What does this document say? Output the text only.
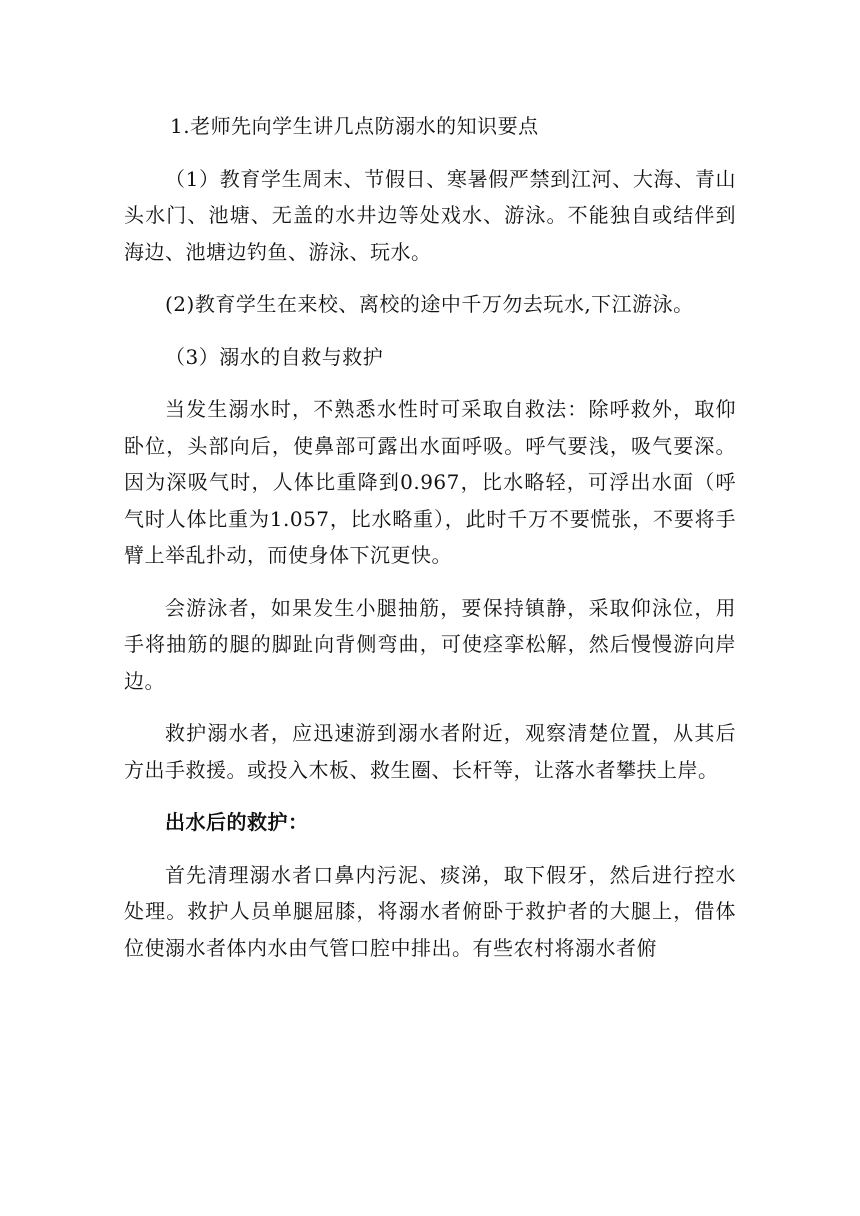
1.老师先向学生讲几点防溺水的知识要点

（1）教育学生周末、节假日、寒暑假严禁到江河、大海、青山头水门、池塘、无盖的水井边等处戏水、游泳。不能独自或结伴到海边、池塘边钓鱼、游泳、玩水。

(2)教育学生在来校、离校的途中千万勿去玩水,下江游泳。

（3）溺水的自救与救护

当发生溺水时，不熟悉水性时可采取自救法：除呼救外，取仰卧位，头部向后，使鼻部可露出水面呼吸。呼气要浅，吸气要深。因为深吸气时，人体比重降到0.967，比水略轻，可浮出水面（呼气时人体比重为1.057，比水略重），此时千万不要慌张，不要将手臂上举乱扑动，而使身体下沉更快。

会游泳者，如果发生小腿抽筋，要保持镇静，采取仰泳位，用手将抽筋的腿的脚趾向背侧弯曲，可使痉挛松解，然后慢慢游向岸边。

救护溺水者，应迅速游到溺水者附近，观察清楚位置，从其后方出手救援。或投入木板、救生圈、长杆等，让落水者攀扶上岸。

出水后的救护：

首先清理溺水者口鼻内污泥、痰涕，取下假牙，然后进行控水处理。救护人员单腿屈膝，将溺水者俯卧于救护者的大腿上，借体位使溺水者体内水由气管口腔中排出。有些农村将溺水者俯
